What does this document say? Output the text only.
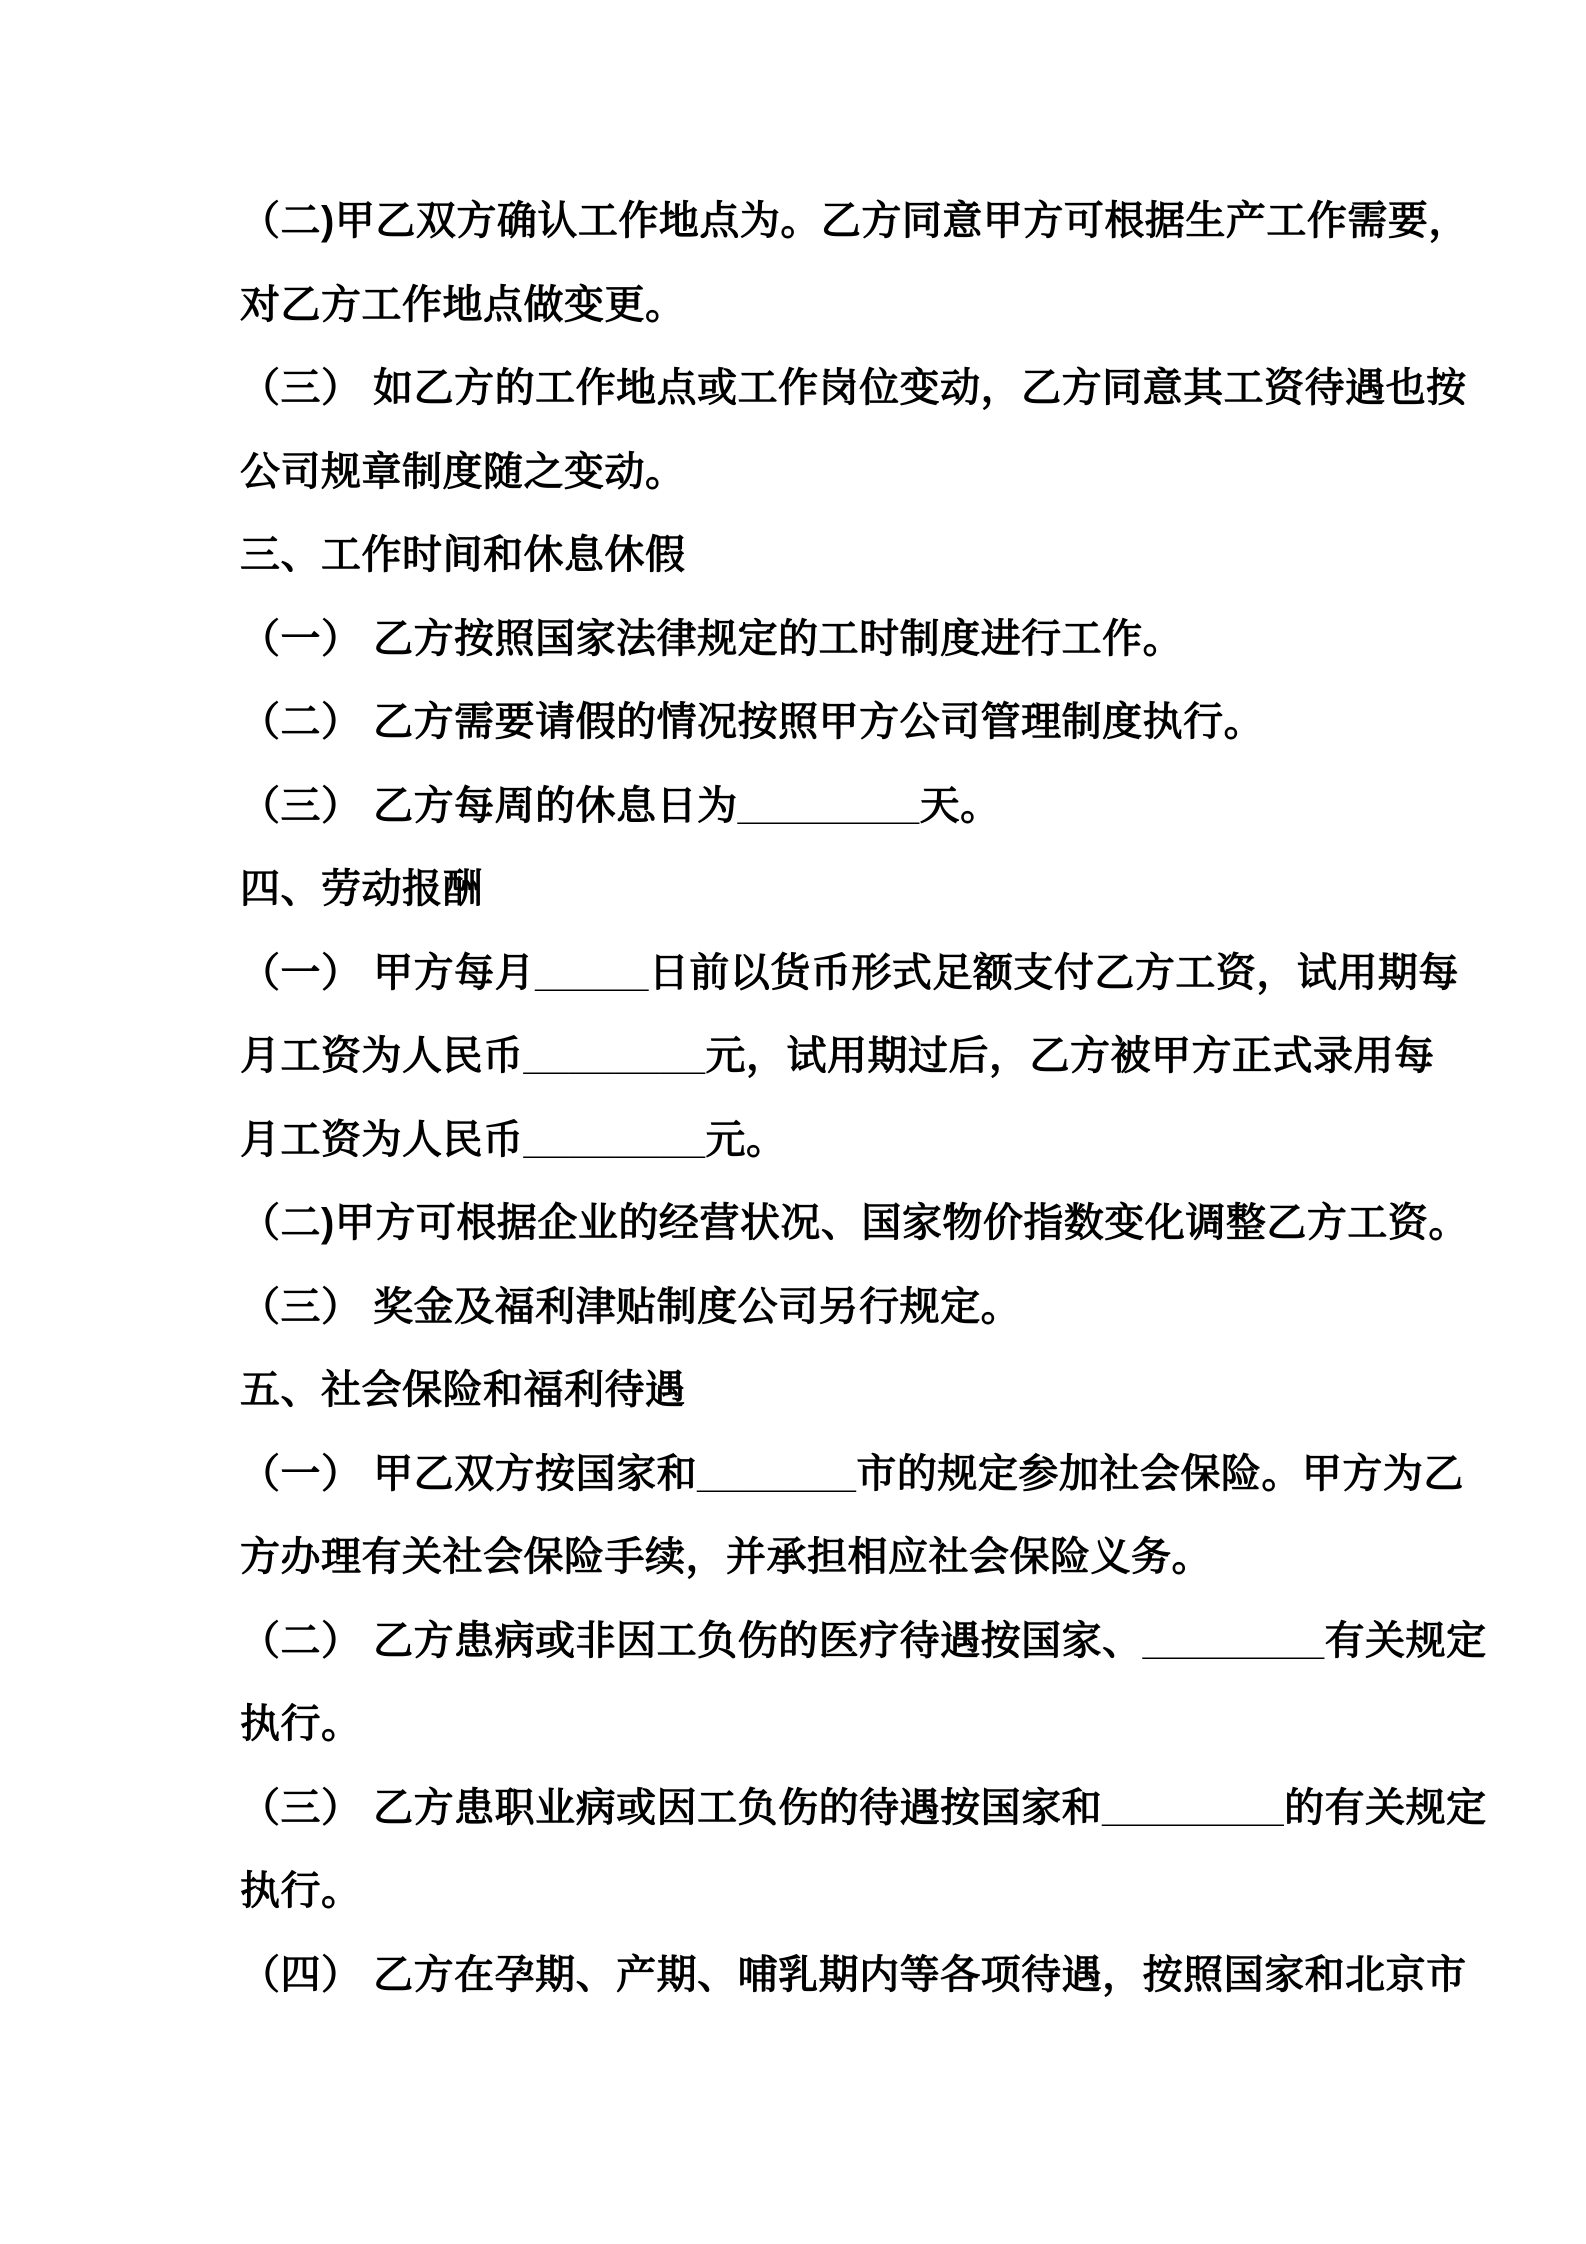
（二)甲乙双方确认工作地点为。乙方同意甲方可根据生产工作需要，
对乙方工作地点做变更。
（三） 如乙方的工作地点或工作岗位变动，乙方同意其工资待遇也按
公司规章制度随之变动。
三、工作时间和休息休假
（一） 乙方按照国家法律规定的工时制度进行工作。
（二） 乙方需要请假的情况按照甲方公司管理制度执行。
（三） 乙方每周的休息日为________天。
四、劳动报酬
（一） 甲方每月_____日前以货币形式足额支付乙方工资，试用期每
月工资为人民币________元，试用期过后，乙方被甲方正式录用每
月工资为人民币________元。
（二)甲方可根据企业的经营状况、国家物价指数变化调整乙方工资。
（三） 奖金及福利津贴制度公司另行规定。
五、社会保险和福利待遇
（一） 甲乙双方按国家和_______市的规定参加社会保险。甲方为乙
方办理有关社会保险手续，并承担相应社会保险义务。
（二） 乙方患病或非因工负伤的医疗待遇按国家、________有关规定
执行。
（三） 乙方患职业病或因工负伤的待遇按国家和________的有关规定
执行。
（四） 乙方在孕期、产期、哺乳期内等各项待遇，按照国家和北京市
